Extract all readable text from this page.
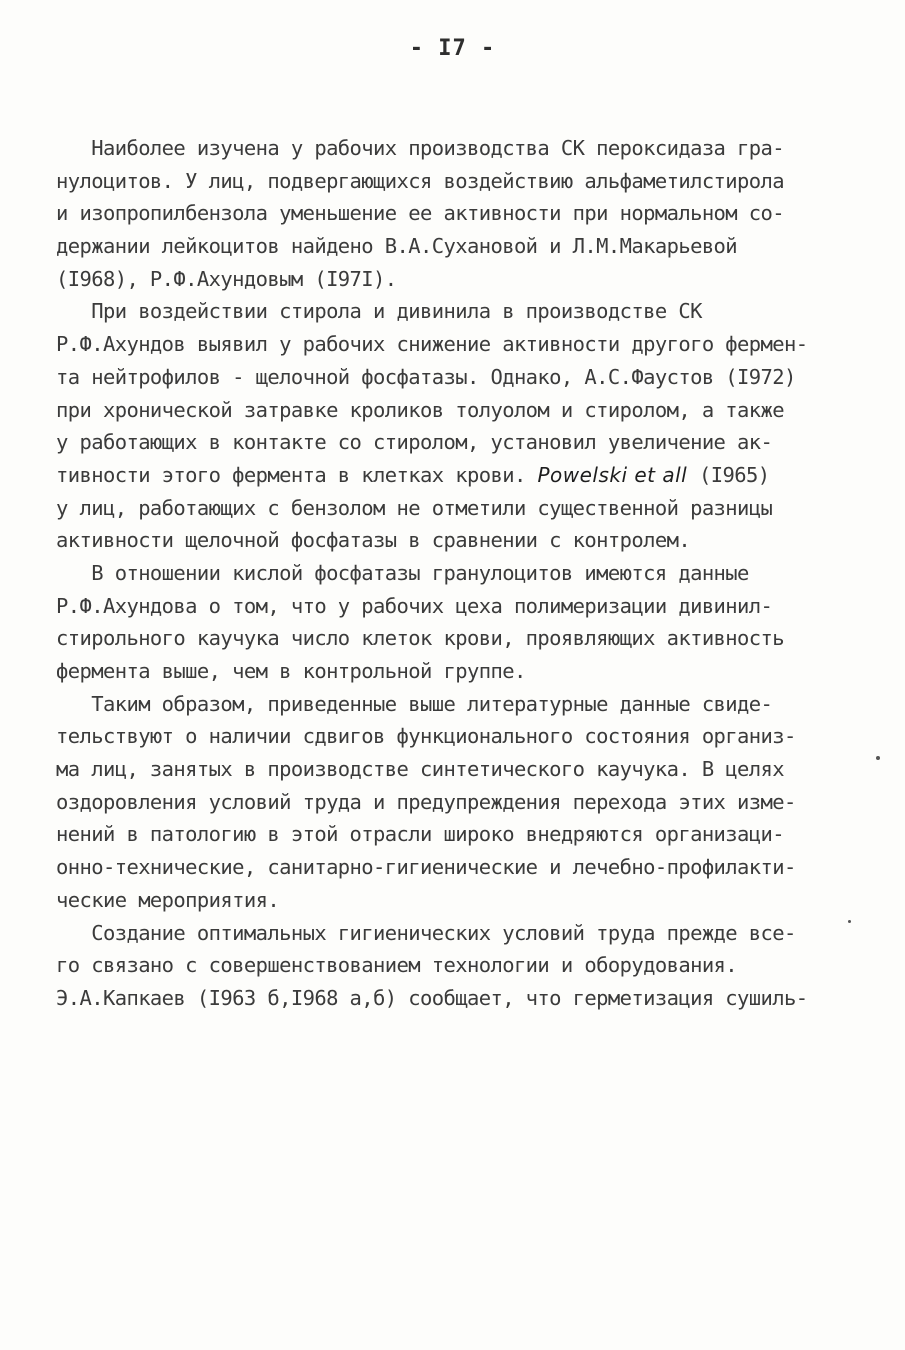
- I7 -
Наиболее изучена у рабочих производства СК пероксидаза гра-
нулоцитов. У лиц, подвергающихся воздействию альфаметилстирола
и изопропилбензола уменьшение ее активности при нормальном со-
держании лейкоцитов найдено В.А.Сухановой и Л.М.Макарьевой
(I968), Р.Ф.Ахундовым (I97I).
При воздействии стирола и дивинила в производстве СК
Р.Ф.Ахундов выявил у рабочих снижение активности другого фермен-
та нейтрофилов - щелочной фосфатазы. Однако, А.С.Фаустов (I972)
при хронической затравке кроликов толуолом и стиролом, а также
у работающих в контакте со стиролом, установил увеличение ак-
тивности этого фермента в клетках крови. Powelski et all (I965)
у лиц, работающих с бензолом не отметили существенной разницы
активности щелочной фосфатазы в сравнении с контролем.
В отношении кислой фосфатазы гранулоцитов имеются данные
Р.Ф.Ахундова о том, что у рабочих цеха полимеризации дивинил-
стирольного каучука число клеток крови, проявляющих активность
фермента выше, чем в контрольной группе.
Таким образом, приведенные выше литературные данные свиде-
тельствуют о наличии сдвигов функционального состояния организ-
ма лиц, занятых в производстве синтетического каучука. В целях
оздоровления условий труда и предупреждения перехода этих изме-
нений в патологию в этой отрасли широко внедряются организаци-
онно-технические, санитарно-гигиенические и лечебно-профилакти-
ческие мероприятия.
Создание оптимальных гигиенических условий труда прежде все-
го связано с совершенствованием технологии и оборудования.
Э.А.Капкаев (I963 б,I968 а,б) сообщает, что герметизация сушиль-
